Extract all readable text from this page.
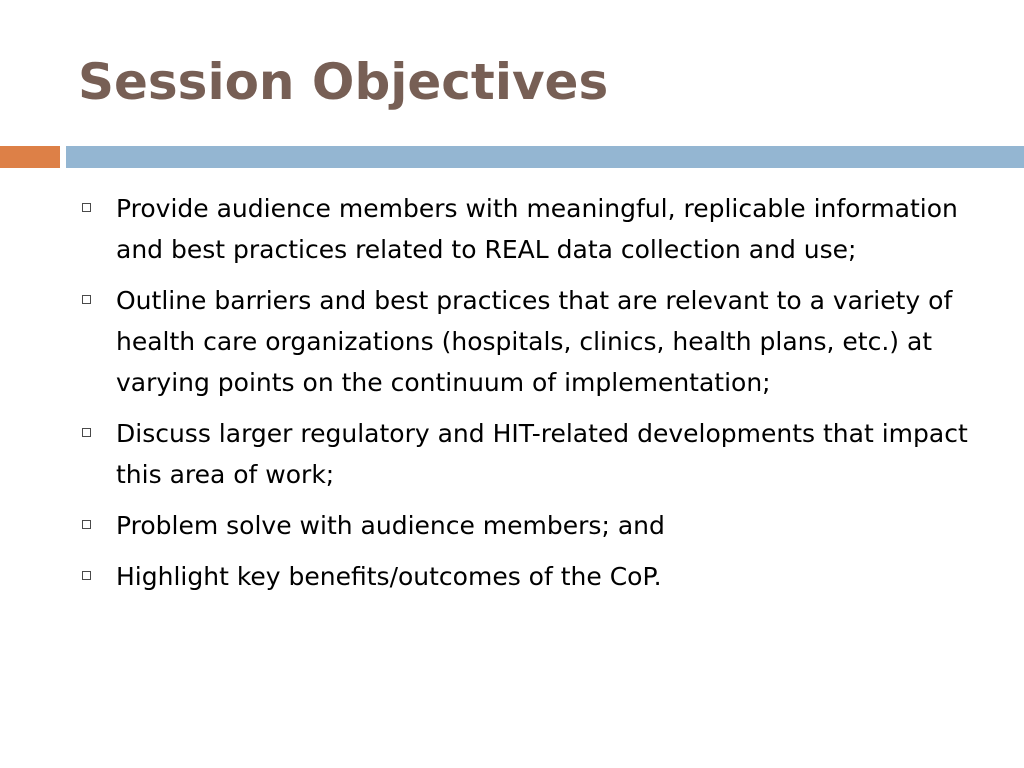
Session Objectives
Provide audience members with meaningful, replicable information and best practices related to REAL data collection and use;
Outline barriers and best practices that are relevant to a variety of health care organizations (hospitals, clinics, health plans, etc.) at varying points on the continuum of implementation;
Discuss larger regulatory and HIT-related developments that impact this area of work;
Problem solve with audience members; and
Highlight key benefits/outcomes of the CoP.
